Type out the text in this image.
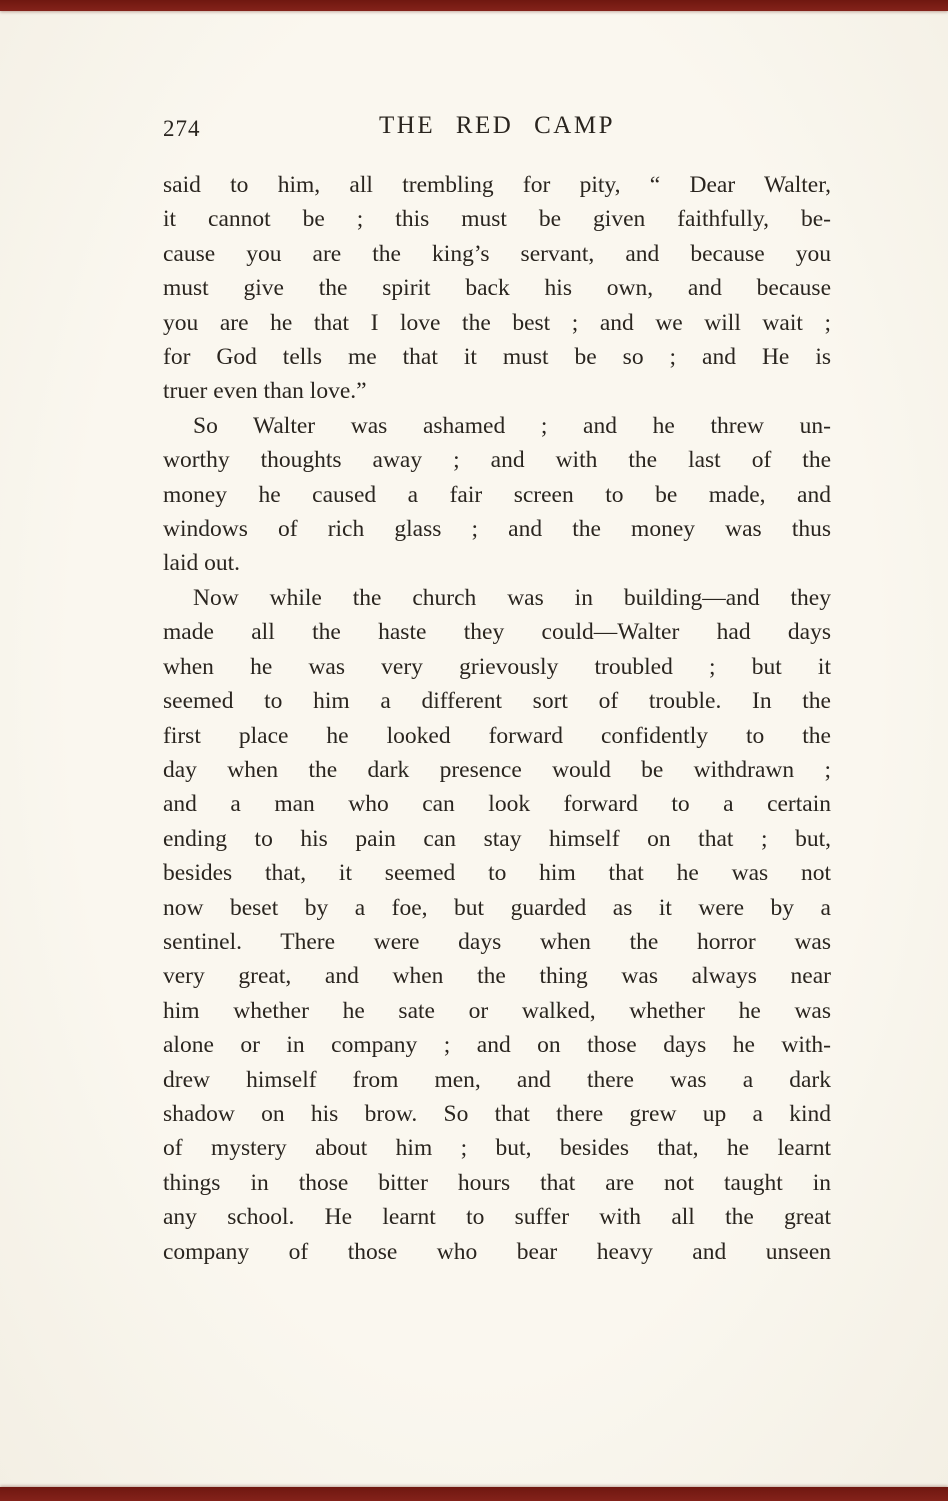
274	THE RED CAMP

said to him, all trembling for pity, “ Dear Walter,
it cannot be ; this must be given faithfully, be-
cause you are the king’s servant, and because you
must give the spirit back his own, and because
you are he that I love the best ; and we will wait ;
for God tells me that it must be so ; and He is
truer even than love.”

So Walter was ashamed ; and he threw un-
worthy thoughts away ; and with the last of the
money he caused a fair screen to be made, and
windows of rich glass ; and the money was thus
laid out.

Now while the church was in building—and they
made all the haste they could—Walter had days
when he was very grievously troubled ; but it
seemed to him a different sort of trouble. In the
first place he looked forward confidently to the
day when the dark presence would be withdrawn ;
and a man who can look forward to a certain
ending to his pain can stay himself on that ; but,
besides that, it seemed to him that he was not
now beset by a foe, but guarded as it were by a
sentinel. There were days when the horror was
very great, and when the thing was always near
him whether he sate or walked, whether he was
alone or in company ; and on those days he with-
drew himself from men, and there was a dark
shadow on his brow. So that there grew up a kind
of mystery about him ; but, besides that, he learnt
things in those bitter hours that are not taught in
any school. He learnt to suffer with all the great
company of those who bear heavy and unseen
